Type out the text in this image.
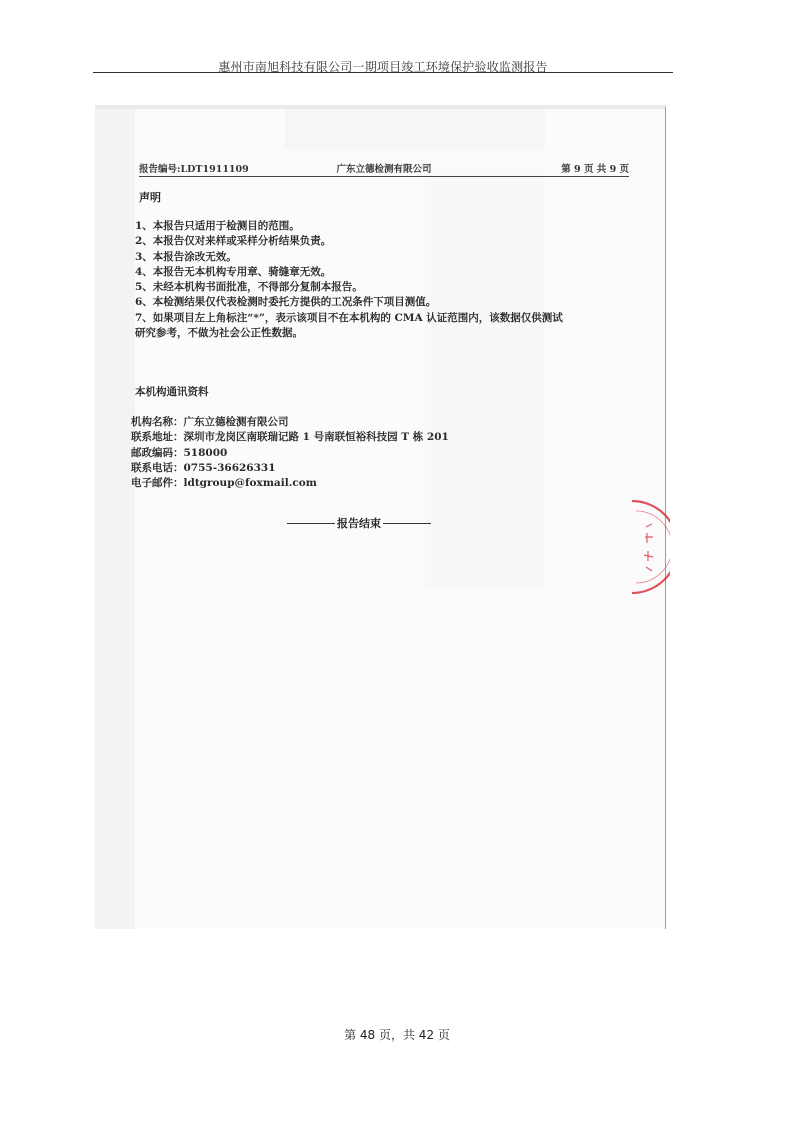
惠州市南旭科技有限公司一期项目竣工环境保护验收监测报告
报告编号:LDT1911109	广东立德检测有限公司	第 9 页 共 9 页
声明
1、本报告只适用于检测目的范围。
2、本报告仅对来样或采样分析结果负责。
3、本报告涂改无效。
4、本报告无本机构专用章、骑缝章无效。
5、未经本机构书面批准，不得部分复制本报告。
6、本检测结果仅代表检测时委托方提供的工况条件下项目测值。
7、如果项目左上角标注“*”，表示该项目不在本机构的 CMA 认证范围内，该数据仅供测试
研究参考，不做为社会公正性数据。
本机构通讯资料
机构名称：广东立德检测有限公司
联系地址：深圳市龙岗区南联瑞记路 1 号南联恒裕科技园 T 栋 201
邮政编码：518000
联系电话：0755-36626331
电子邮件：ldtgroup@foxmail.com
报告结束
第 48 页，共 42 页
